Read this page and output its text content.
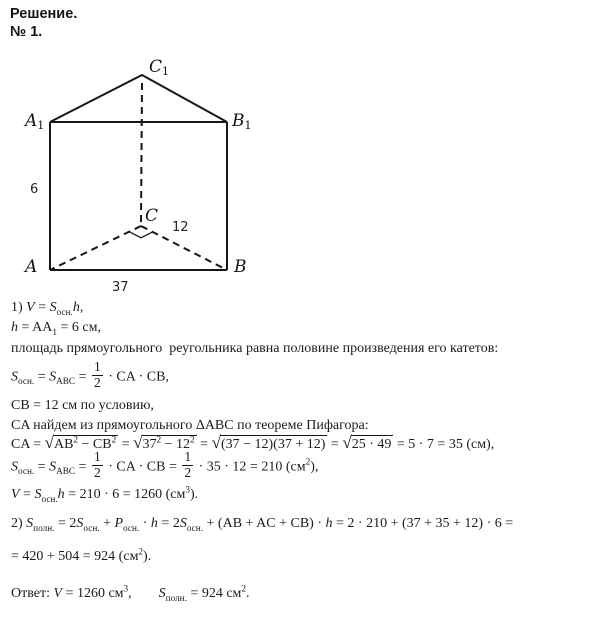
Решение.
№ 1.
C1
A1	B1
A	B
C
6
12
37
1) $V = S_{осн.}h$,
$h = AA_1 = 6$ см,
площадь прямоугольного  реугольника равна половине произведения его катетов:
$S_{осн.} = S_{ABC} = \frac{1}{2}$ · CA · CB,
CB = 12 см по условию,
CA найдем из прямоугольного ΔABC по теореме Пифагора:
CA = $√AB^2 - CB^2 = √37^2 - 12^2 = √(37 - 12)(37 + 12) = √25 \cdot 49 = 5 \cdot 7 = 35$ (см),
$S_{осн.} = S_{ABC} = \frac{1}{2}$ · CA · CB = $\frac{1}{2} \cdot 35 \cdot 12 = 210$ $(см^2)$,
$V = S_{осн.}h = 210 \cdot 6 = 1260$ $(см^3)$.
2) $S_{полн.} = 2S_{осн.} + P_{осн.} \cdot h = 2S_{осн.} + (AB$ + AC + CB) · h = 2 · 210 + (37 + 35 + 12) · 6 =
= 420 + 504 = 924 $(см^2)$.
Ответ: V = 1260 $см^3$, $S_{полн.} = 924$ $см^2$.
